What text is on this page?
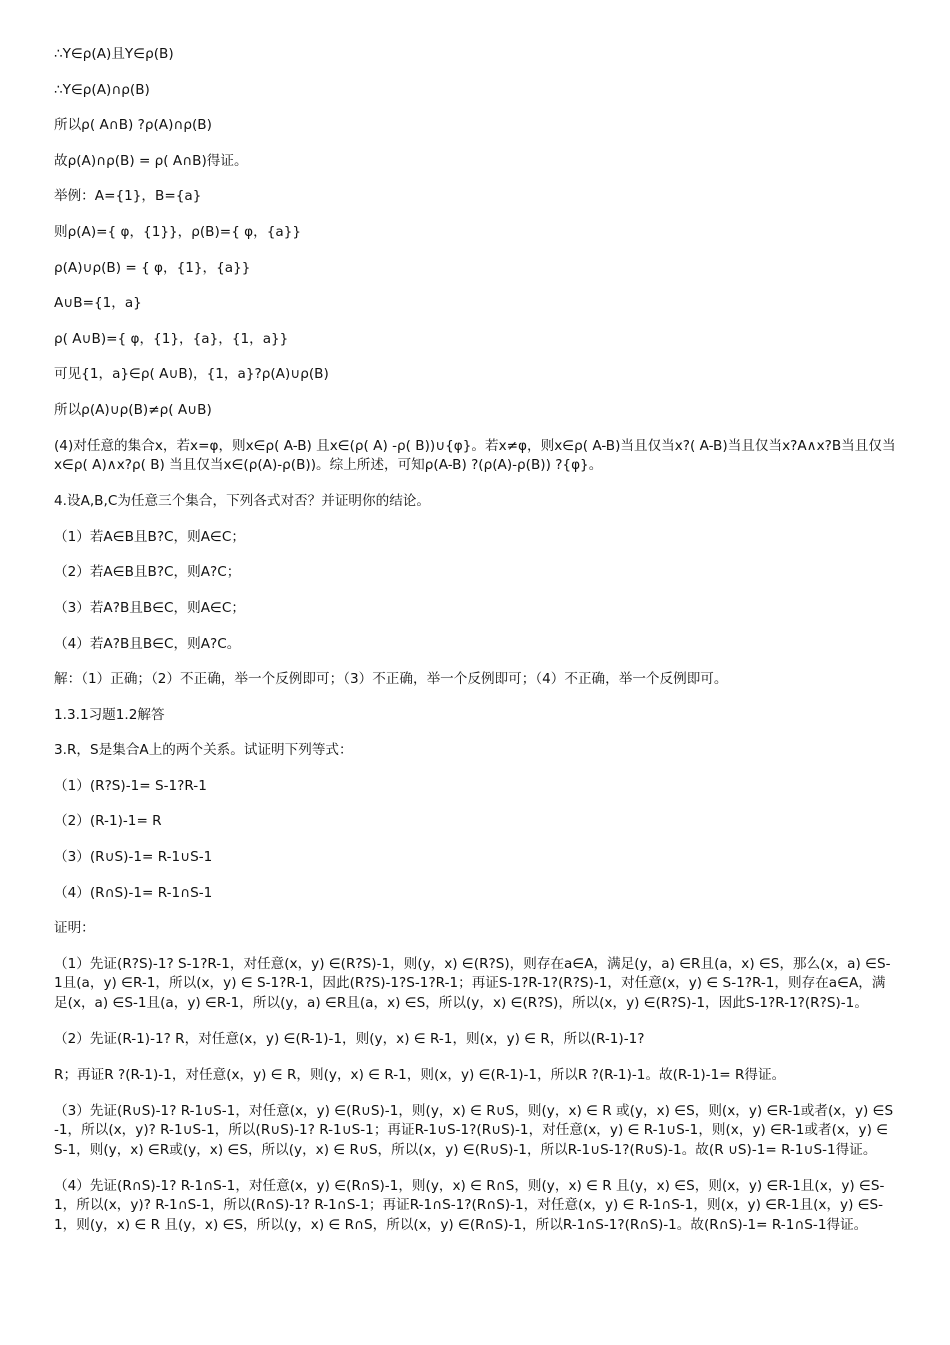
∴Y∈ρ(A)且Y∈ρ(B)
∴Y∈ρ(A)∩ρ(B)
所以ρ( A∩B) ?ρ(A)∩ρ(B)
故ρ(A)∩ρ(B) = ρ( A∩B)得证。
举例：A={1}，B={a}
则ρ(A)={ φ，{1}}，ρ(B)={ φ，{a}}
ρ(A)∪ρ(B) = { φ，{1}，{a}}
A∪B={1，a}
ρ( A∪B)={ φ，{1}，{a}，{1，a}}
可见{1，a}∈ρ( A∪B)，{1，a}?ρ(A)∪ρ(B)
所以ρ(A)∪ρ(B)≠ρ( A∪B)
(4)对任意的集合x，若x=φ，则x∈ρ( A-B) 且x∈(ρ( A) -ρ( B))∪{φ}。若x≠φ，则x∈ρ( A-B)当且仅当x?( A-B)当且仅当x?A∧x?B当且仅当x∈ρ( A)∧x?ρ( B) 当且仅当x∈(ρ(A)-ρ(B))。综上所述，可知ρ(A-B) ?(ρ(A)-ρ(B)) ?{φ}。
4.设A,B,C为任意三个集合，下列各式对否？并证明你的结论。
（1）若A∈B且B?C，则A∈C；
（2）若A∈B且B?C，则A?C；
（3）若A?B且B∈C，则A∈C；
（4）若A?B且B∈C，则A?C。
解：（1）正确；（2）不正确，举一个反例即可；（3）不正确，举一个反例即可；（4）不正确，举一个反例即可。
1.3.1习题1.2解答
3.R，S是集合A上的两个关系。试证明下列等式：
（1）(R?S)-1= S-1?R-1
（2）(R-1)-1= R
（3）(R∪S)-1= R-1∪S-1
（4）(R∩S)-1= R-1∩S-1
证明：
（1）先证(R?S)-1? S-1?R-1，对任意(x，y) ∈(R?S)-1，则(y，x) ∈(R?S)，则存在a∈A，满足(y，a) ∈R且(a，x) ∈S，那么(x，a) ∈S-1且(a，y) ∈R-1，所以(x，y) ∈ S-1?R-1，因此(R?S)-1?S-1?R-1；再证S-1?R-1?(R?S)-1，对任意(x，y) ∈ S-1?R-1，则存在a∈A，满足(x，a) ∈S-1且(a，y) ∈R-1，所以(y，a) ∈R且(a，x) ∈S，所以(y，x) ∈(R?S)，所以(x，y) ∈(R?S)-1，因此S-1?R-1?(R?S)-1。
（2）先证(R-1)-1? R，对任意(x，y) ∈(R-1)-1，则(y，x) ∈ R-1，则(x，y) ∈ R，所以(R-1)-1?
R；再证R ?(R-1)-1，对任意(x，y) ∈ R，则(y，x) ∈ R-1，则(x，y) ∈(R-1)-1，所以R ?(R-1)-1。故(R-1)-1= R得证。
（3）先证(R∪S)-1? R-1∪S-1，对任意(x，y) ∈(R∪S)-1，则(y，x) ∈ R∪S，则(y，x) ∈ R 或(y，x) ∈S，则(x，y) ∈R-1或者(x，y) ∈S-1，所以(x，y)? R-1∪S-1，所以(R∪S)-1? R-1∪S-1；再证R-1∪S-1?(R∪S)-1，对任意(x，y) ∈ R-1∪S-1，则(x，y) ∈R-1或者(x，y) ∈S-1，则(y，x) ∈R或(y，x) ∈S，所以(y，x) ∈ R∪S，所以(x，y) ∈(R∪S)-1，所以R-1∪S-1?(R∪S)-1。故(R ∪S)-1= R-1∪S-1得证。
（4）先证(R∩S)-1? R-1∩S-1，对任意(x，y) ∈(R∩S)-1，则(y，x) ∈ R∩S，则(y，x) ∈ R 且(y，x) ∈S，则(x，y) ∈R-1且(x，y) ∈S-1，所以(x，y)? R-1∩S-1，所以(R∩S)-1? R-1∩S-1；再证R-1∩S-1?(R∩S)-1，对任意(x，y) ∈ R-1∩S-1，则(x，y) ∈R-1且(x，y) ∈S-1，则(y，x) ∈ R 且(y，x) ∈S，所以(y，x) ∈ R∩S，所以(x，y) ∈(R∩S)-1，所以R-1∩S-1?(R∩S)-1。故(R∩S)-1= R-1∩S-1得证。
